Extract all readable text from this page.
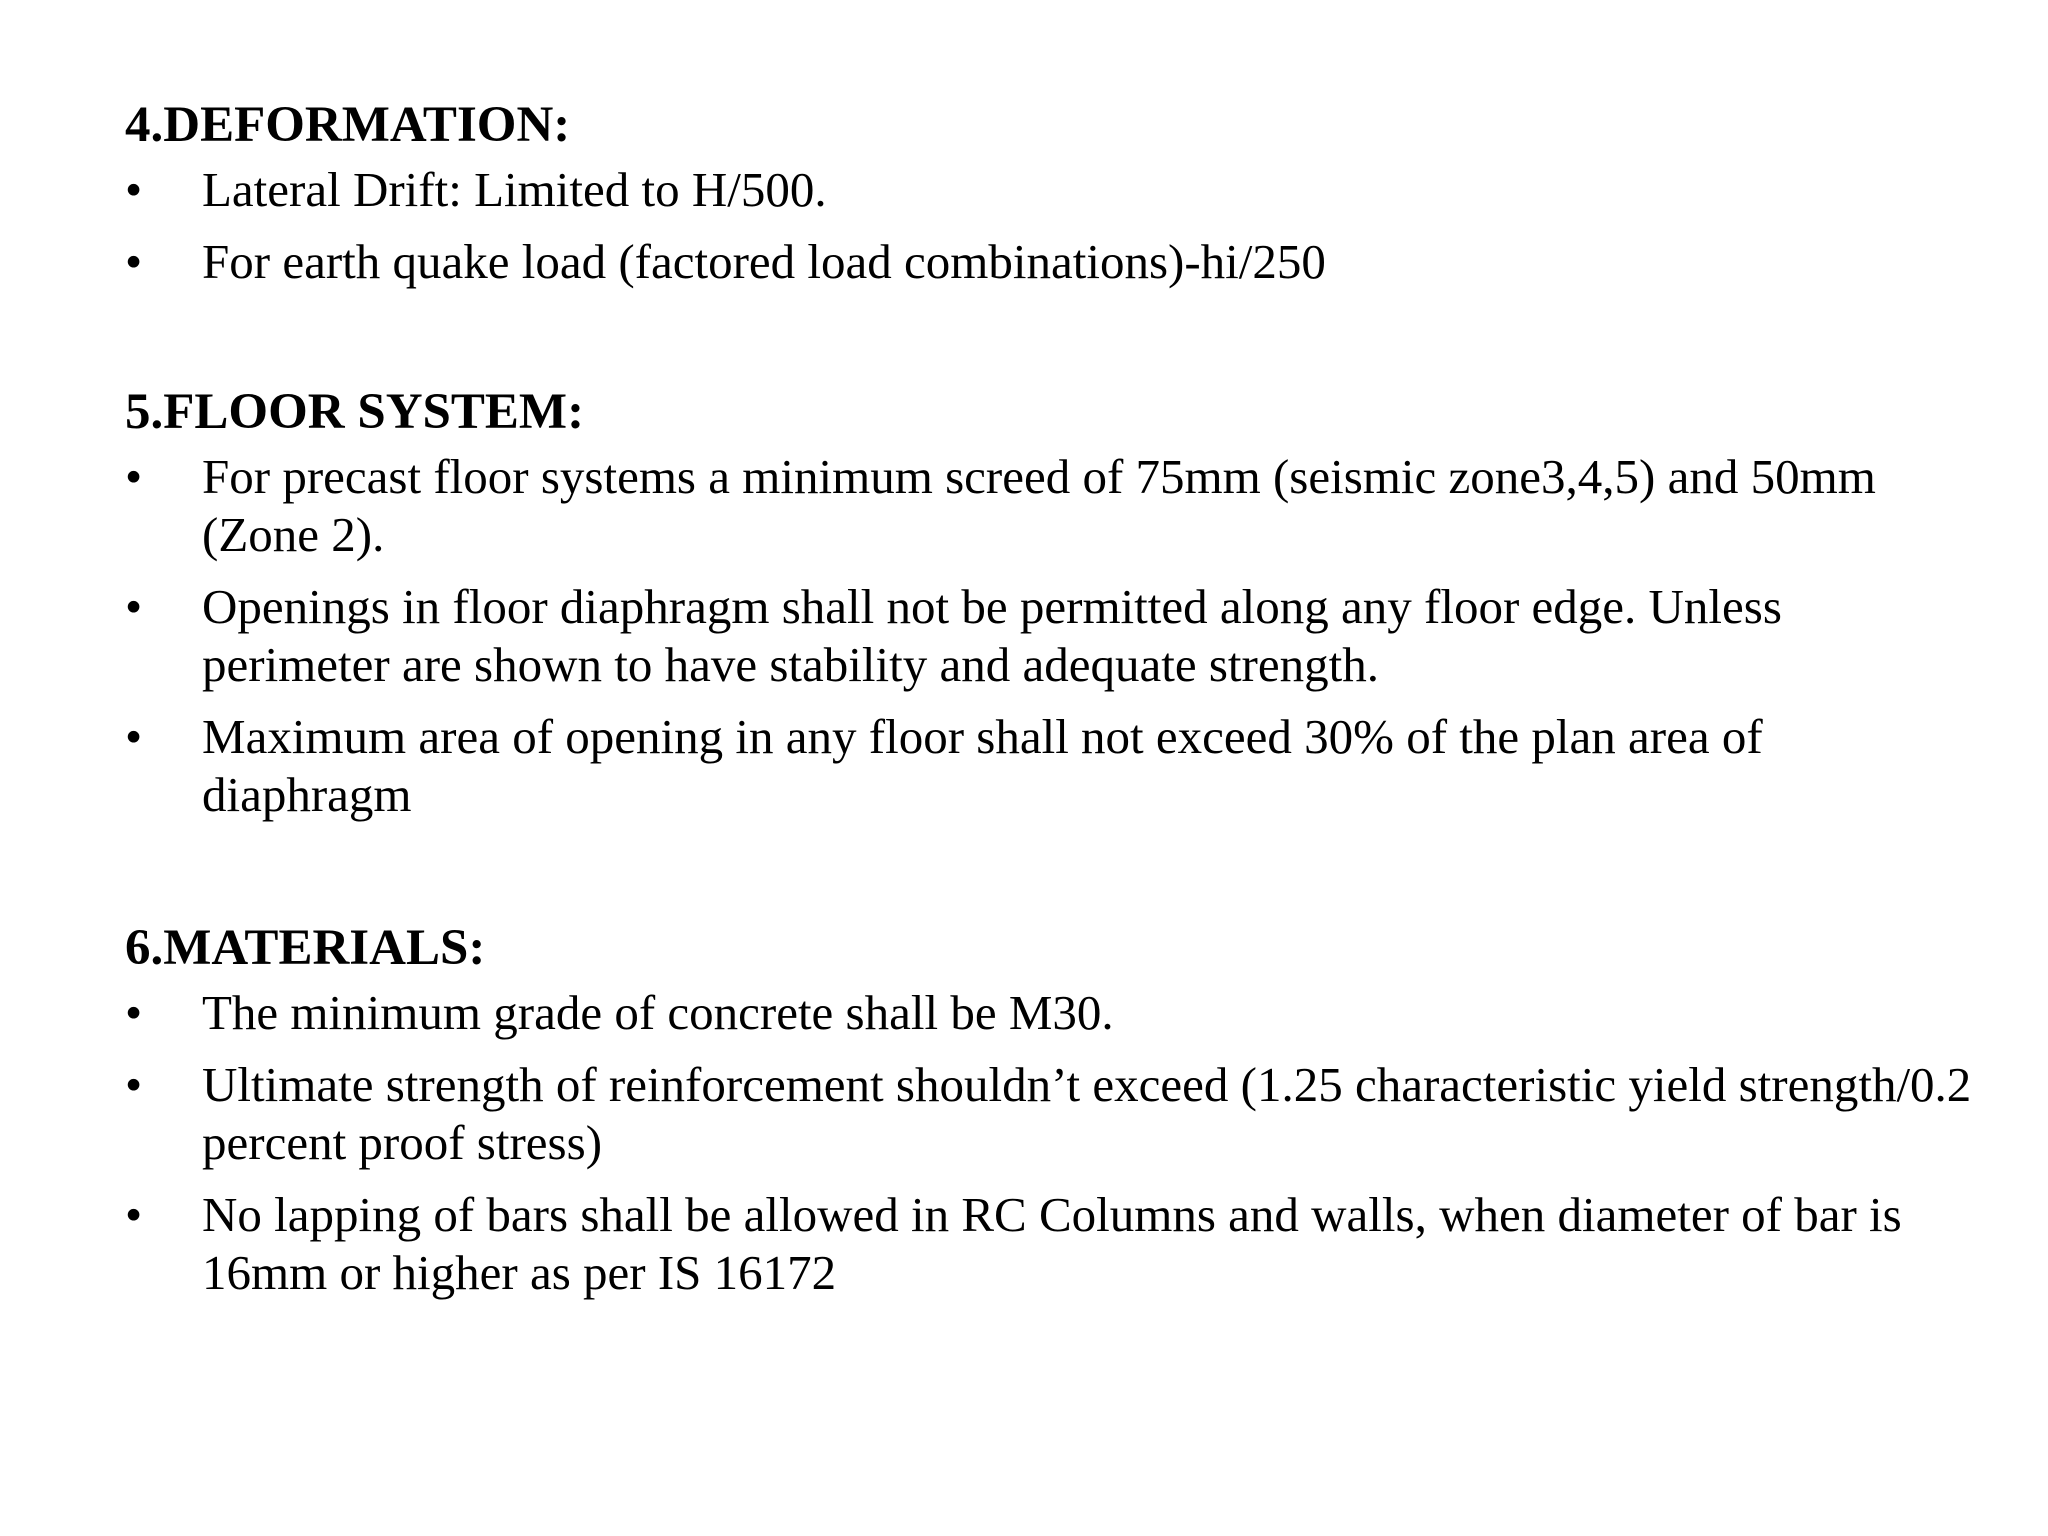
4.DEFORMATION:
• Lateral Drift: Limited to H/500.
• For earth quake load (factored load combinations)-hi/250
5.FLOOR SYSTEM:
• For precast floor systems a minimum screed of 75mm (seismic zone3,4,5) and 50mm (Zone 2).
• Openings in floor diaphragm shall not be permitted along any floor edge. Unless perimeter are shown to have stability and adequate strength.
• Maximum area of opening in any floor shall not exceed 30% of the plan area of diaphragm
6.MATERIALS:
• The minimum grade of concrete shall be M30.
• Ultimate strength of reinforcement shouldn’t exceed (1.25 characteristic yield strength/0.2 percent proof stress)
• No lapping of bars shall be allowed in RC Columns and walls, when diameter of bar is 16mm or higher as per IS 16172
